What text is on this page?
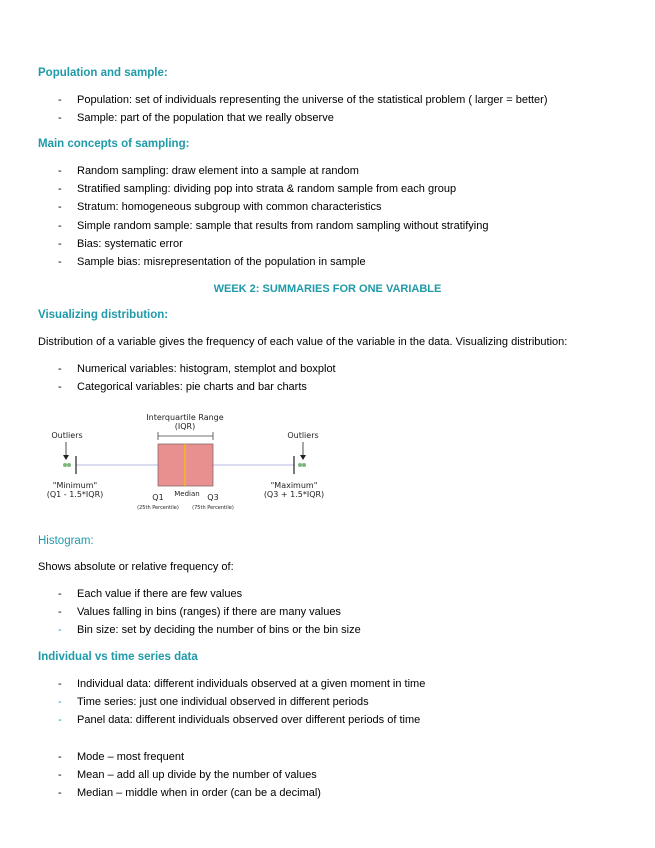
Population and sample:
- Population: set of individuals representing the universe of the statistical problem ( larger = better)
- Sample: part of the population that we really observe
Main concepts of sampling:
- Random sampling: draw element into a sample at random
- Stratified sampling: dividing pop into strata & random sample from each group
- Stratum: homogeneous subgroup with common characteristics
- Simple random sample: sample that results from random sampling without stratifying
- Bias: systematic error
- Sample bias: misrepresentation of the population in sample
WEEK 2: SUMMARIES FOR ONE VARIABLE
Visualizing distribution:
Distribution of a variable gives the frequency of each value of the variable in the data. Visualizing distribution:
- Numerical variables: histogram, stemplot and boxplot
- Categorical variables: pie charts and bar charts
Interquartile Range
(IQR)
Outliers	Outliers
"Minimum"
(Q1 - 1.5*IQR)
"Maximum"
(Q3 + 1.5*IQR)
Q1 Median Q3
(25th Percentile)	(75th Percentile)
Histogram:
Shows absolute or relative frequency of:
- Each value if there are few values
- Values falling in bins (ranges) if there are many values
- Bin size: set by deciding the number of bins or the bin size
Individual vs time series data
- Individual data: different individuals observed at a given moment in time
- Time series: just one individual observed in different periods
- Panel data: different individuals observed over different periods of time
- Mode – most frequent
- Mean – add all up divide by the number of values
- Median – middle when in order (can be a decimal)
